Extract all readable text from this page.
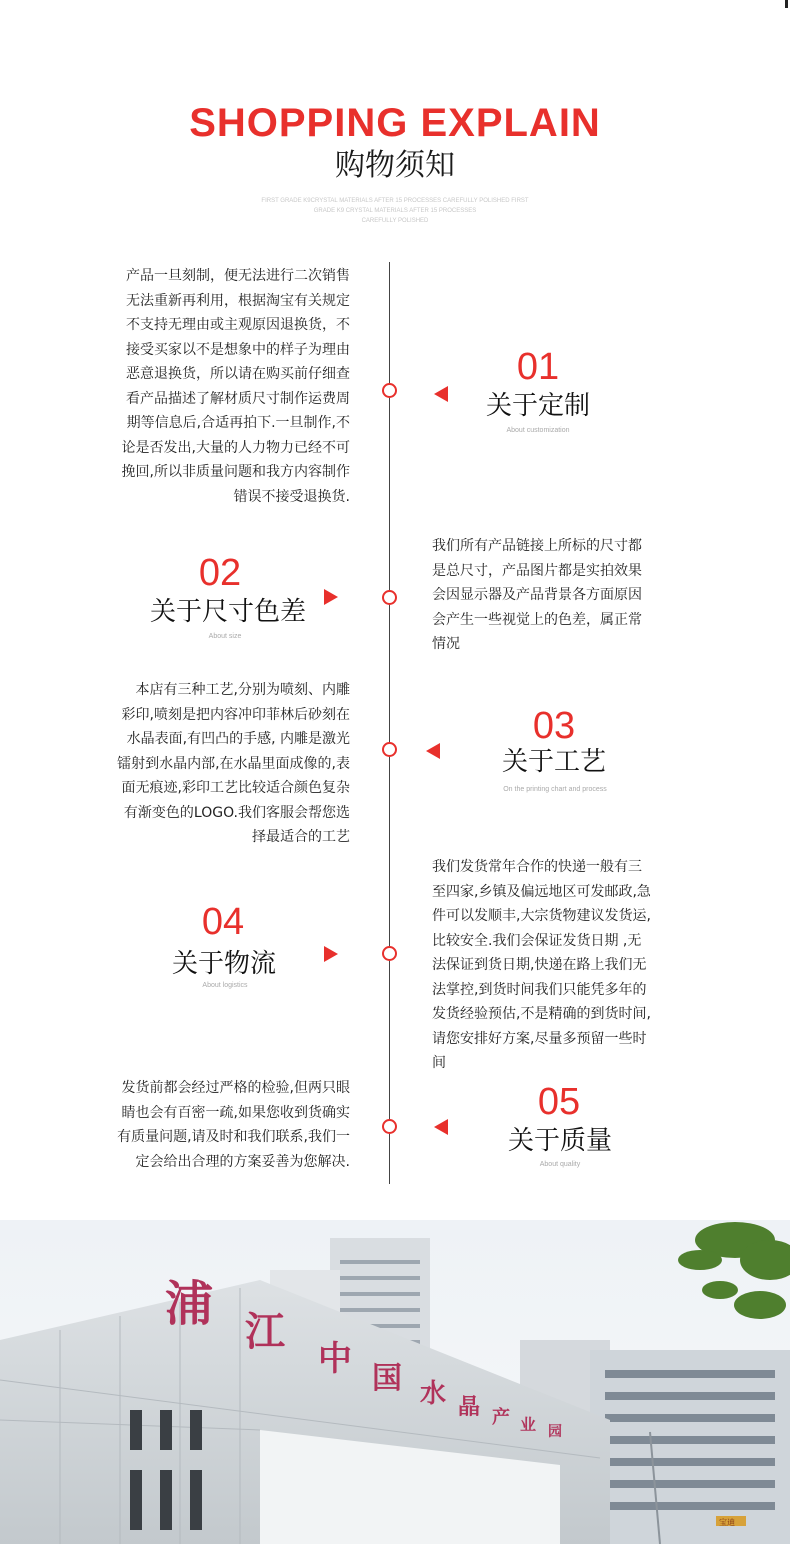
SHOPPING EXPLAIN
购物须知
FIRST GRADE K9CRYSTAL MATERIALS AFTER 15 PROCESSES CAREFULLY POLISHED FIRST
GRADE K9 CRYSTAL MATERIALS AFTER 15 PROCESSES
CAREFULLY POLISHED
产品一旦刻制，便无法进行二次销售
无法重新再利用，根据淘宝有关规定
不支持无理由或主观原因退换货，不
接受买家以不是想象中的样子为理由
恶意退换货，所以请在购买前仔细查
看产品描述了解材质尺寸制作运费周
期等信息后,合适再拍下.一旦制作,不
论是否发出,大量的人力物力已经不可
挽回,所以非质量问题和我方内容制作
错误不接受退换货.
01
关于定制
About customization
02
关于尺寸色差
About size
我们所有产品链接上所标的尺寸都
是总尺寸，产品图片都是实拍效果
会因显示器及产品背景各方面原因
会产生一些视觉上的色差，属正常
情况
本店有三种工艺,分别为喷刻、内雕
彩印,喷刻是把内容冲印菲林后砂刻在
水晶表面,有凹凸的手感, 内雕是激光
镭射到水晶内部,在水晶里面成像的,表
面无痕迹,彩印工艺比较适合颜色复杂
有渐变色的LOGO.我们客服会帮您选
择最适合的工艺
03
关于工艺
On the printing chart and process
04
关于物流
About logistics
我们发货常年合作的快递一般有三
至四家,乡镇及偏远地区可发邮政,急
件可以发顺丰,大宗货物建议发货运,
比较安全.我们会保证发货日期 ,无
法保证到货日期,快递在路上我们无
法掌控,到货时间我们只能凭多年的
发货经验预估,不是精确的到货时间,
请您安排好方案,尽量多预留一些时
间
发货前都会经过严格的检验,但两只眼
睛也会有百密一疏,如果您收到货确实
有质量问题,请及时和我们联系,我们一
定会给出合理的方案妥善为您解决.
05
关于质量
About quality
浦 江
中 国 水 晶 产 业 园
宝迪
